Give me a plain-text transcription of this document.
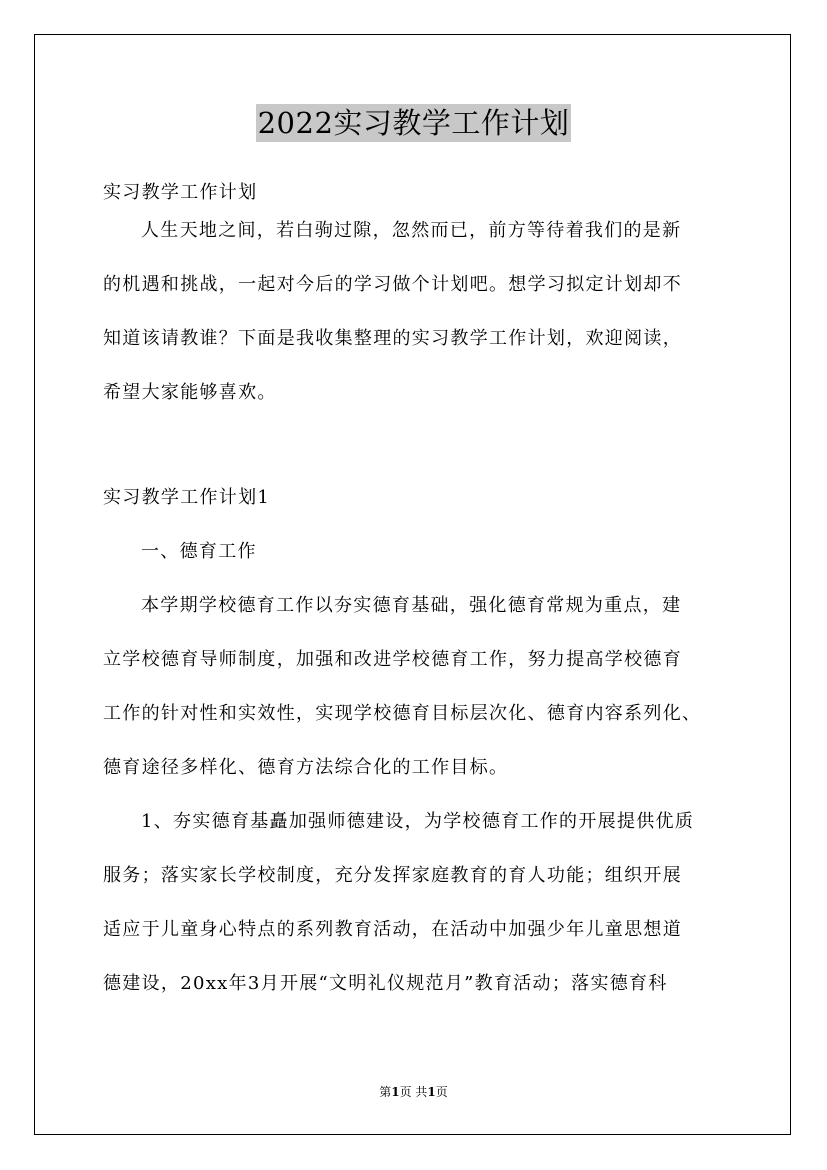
2022实习教学工作计划
实习教学工作计划
人生天地之间，若白驹过隙，忽然而已，前方等待着我们的是新
的机遇和挑战，一起对今后的学习做个计划吧。想学习拟定计划却不
知道该请教谁？下面是我收集整理的实习教学工作计划，欢迎阅读，
希望大家能够喜欢。
实习教学工作计划1
一、德育工作
本学期学校德育工作以夯实德育基础，强化德育常规为重点，建
立学校德育导师制度，加强和改进学校德育工作，努力提高学校德育
工作的针对性和实效性，实现学校德育目标层次化、德育内容系列化、
德育途径多样化、德育方法综合化的工作目标。
1、夯实德育基矗加强师德建设，为学校德育工作的开展提供优质
服务；落实家长学校制度，充分发挥家庭教育的育人功能；组织开展
适应于儿童身心特点的系列教育活动，在活动中加强少年儿童思想道
德建设，20xx年3月开展“文明礼仪规范月”教育活动；落实德育科
第1页 共1页
